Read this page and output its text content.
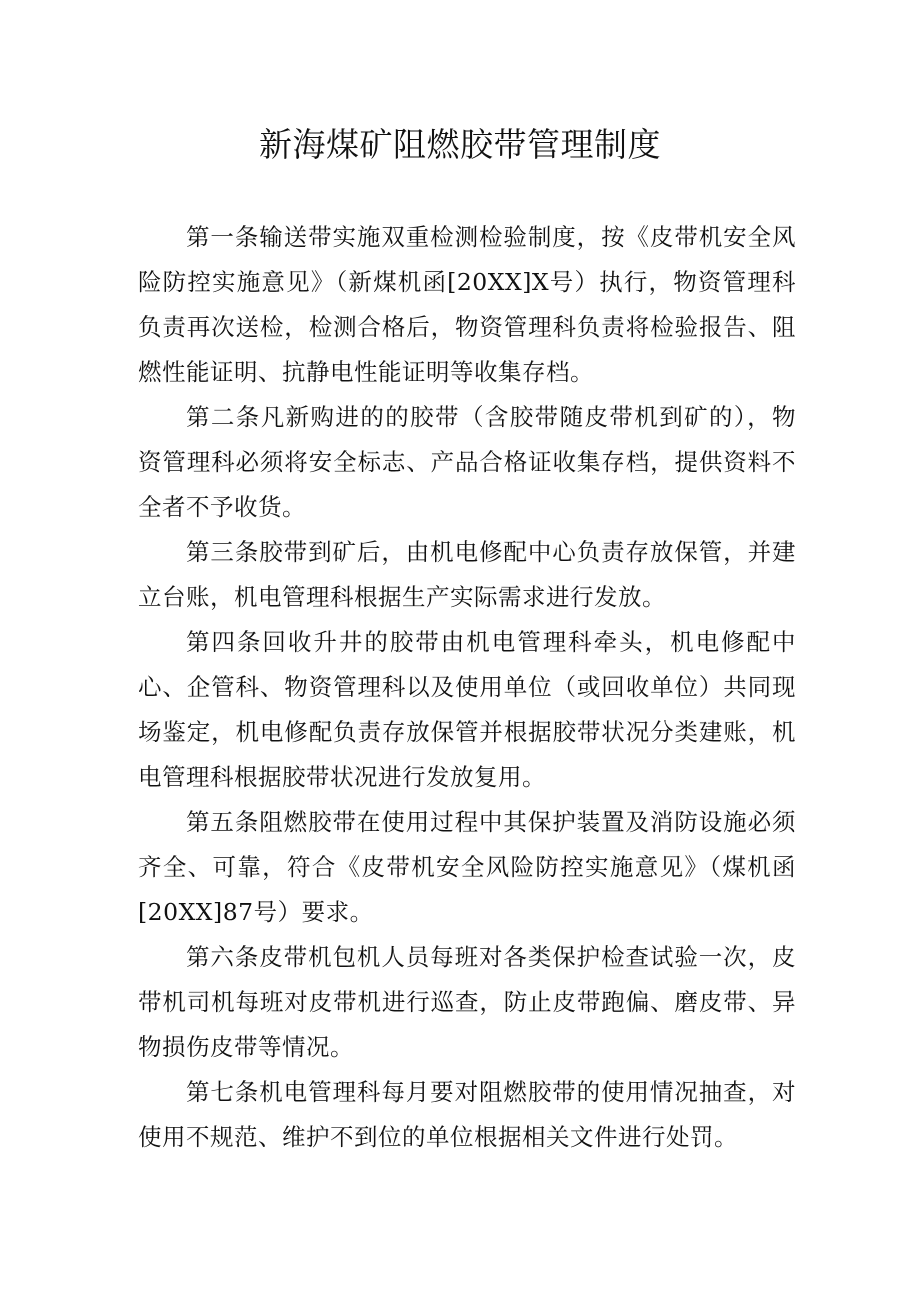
新海煤矿阻燃胶带管理制度

第一条输送带实施双重检测检验制度，按《皮带机安全风险防控实施意见》（新煤机函[20XX]X号）执行，物资管理科负责再次送检，检测合格后，物资管理科负责将检验报告、阻燃性能证明、抗静电性能证明等收集存档。

第二条凡新购进的的胶带（含胶带随皮带机到矿的），物资管理科必须将安全标志、产品合格证收集存档，提供资料不全者不予收货。

第三条胶带到矿后，由机电修配中心负责存放保管，并建立台账，机电管理科根据生产实际需求进行发放。

第四条回收升井的胶带由机电管理科牵头，机电修配中心、企管科、物资管理科以及使用单位（或回收单位）共同现场鉴定，机电修配负责存放保管并根据胶带状况分类建账，机电管理科根据胶带状况进行发放复用。

第五条阻燃胶带在使用过程中其保护装置及消防设施必须齐全、可靠，符合《皮带机安全风险防控实施意见》（煤机函[20XX]87号）要求。

第六条皮带机包机人员每班对各类保护检查试验一次，皮带机司机每班对皮带机进行巡查，防止皮带跑偏、磨皮带、异物损伤皮带等情况。

第七条机电管理科每月要对阻燃胶带的使用情况抽查，对使用不规范、维护不到位的单位根据相关文件进行处罚。
